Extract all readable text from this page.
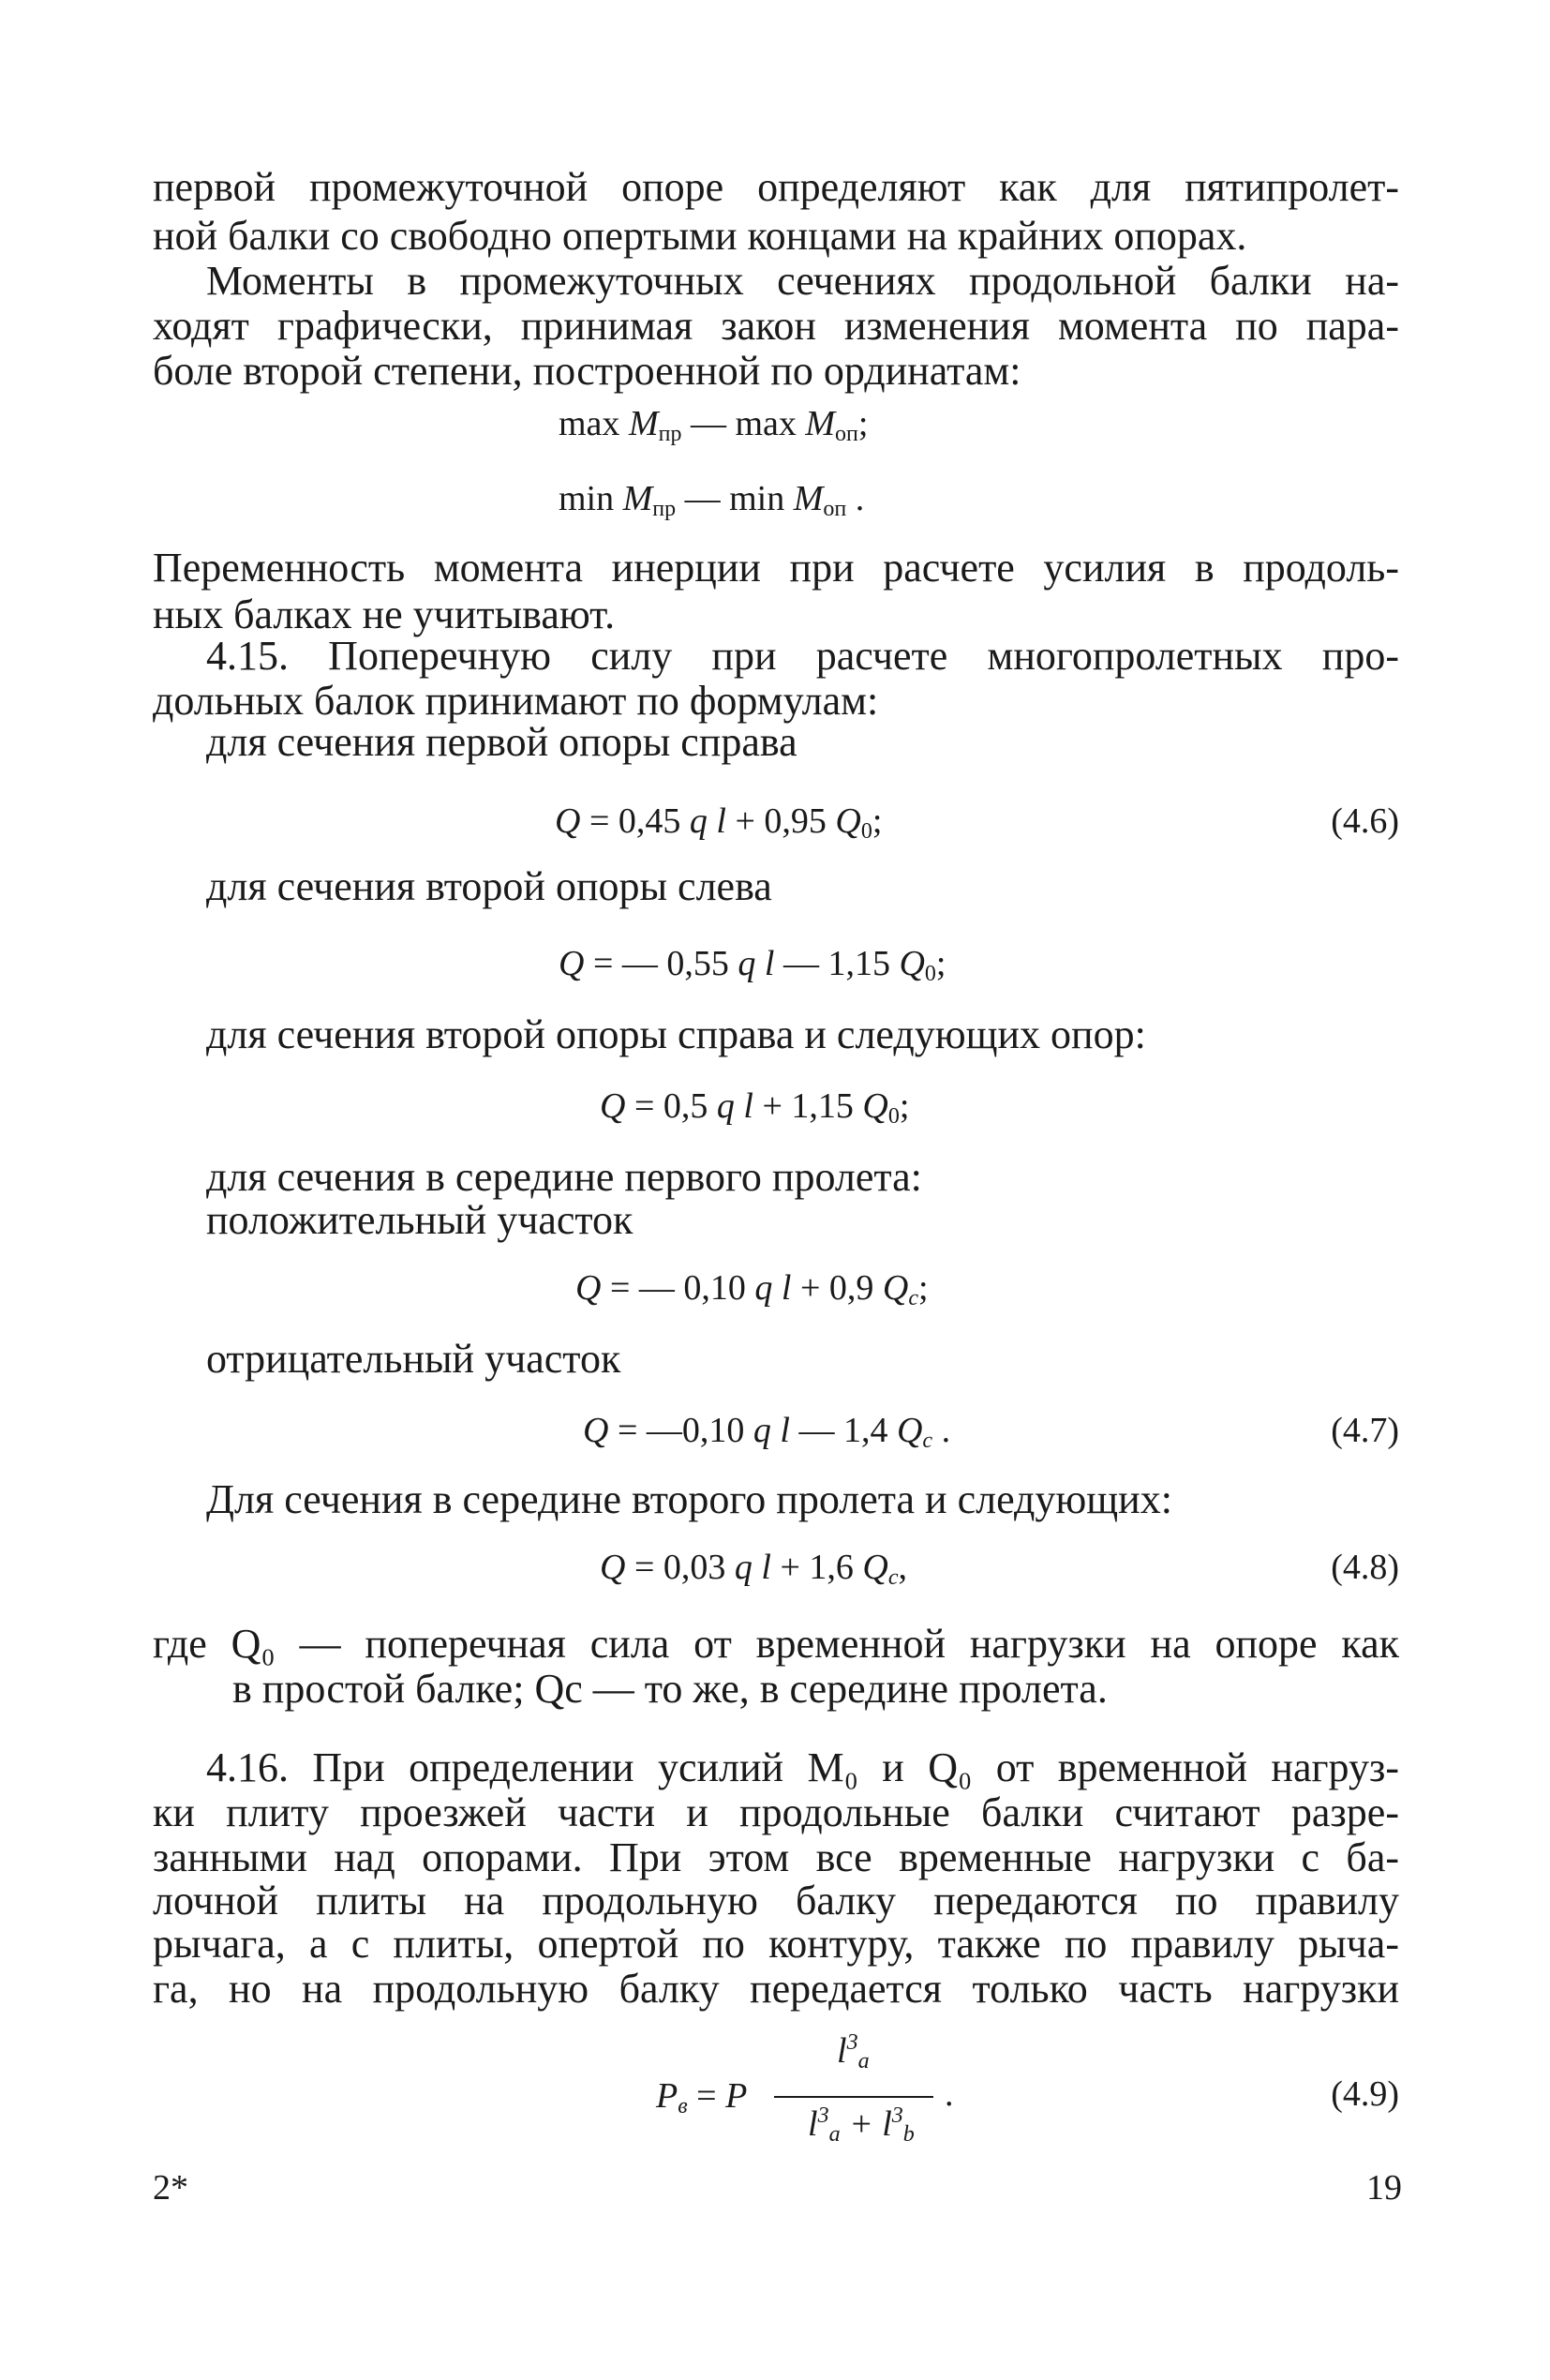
первой промежуточной опоре определяют как для пятипролет-
ной балки со свободно опертыми концами на крайних опорах.
Моменты в промежуточных сечениях продольной балки на-
ходят графически, принимая закон изменения момента по пара-
боле второй степени, построенной по ординатам:
$\max M_{пр}$ — $\max M_{оп}$;
$\min M_{пр}$ — $\min M_{оп}$ .
Переменность момента инерции при расчете усилия в продоль-
ных балках не учитывают.
4.15. Поперечную силу при расчете многопролетных про-
дольных балок принимают по формулам:
для сечения первой опоры справа
Q = 0,45 q l + 0,95 $Q_0$;	(4.6)
для сечения второй опоры слева
Q = — 0,55 q l — 1,15 $Q_0$;
для сечения второй опоры справа и следующих опор:
Q = 0,5 q l + 1,15 $Q_0$;
для сечения в середине первого пролета:
положительный участок
Q = — 0,10 q l + 0,9 $Q_c$;
отрицательный участок
Q = —0,10 q l — 1,4 $Q_c$ .	(4.7)
Для сечения в середине второго пролета и следующих:
Q = 0,03 q l + 1,6 $Q_c$,	(4.8)
где Q₀ — поперечная сила от временной нагрузки на опоре как
в простой балке; Qс — то же, в середине пролета.
4.16. При определении усилий M₀ и Q₀ от временной нагруз-
ки плиту проезжей части и продольные балки считают разре-
занными над опорами. При этом все временные нагрузки с ба-
лочной плиты на продольную балку передаются по правилу
рычага, а с плиты, опертой по контуру, также по правилу рыча-
га, но на продольную балку передается только часть нагрузки
$P_в = P$
$l^3_a$
$l^3_a + l^3_b$
.	(4.9)
2*	19
